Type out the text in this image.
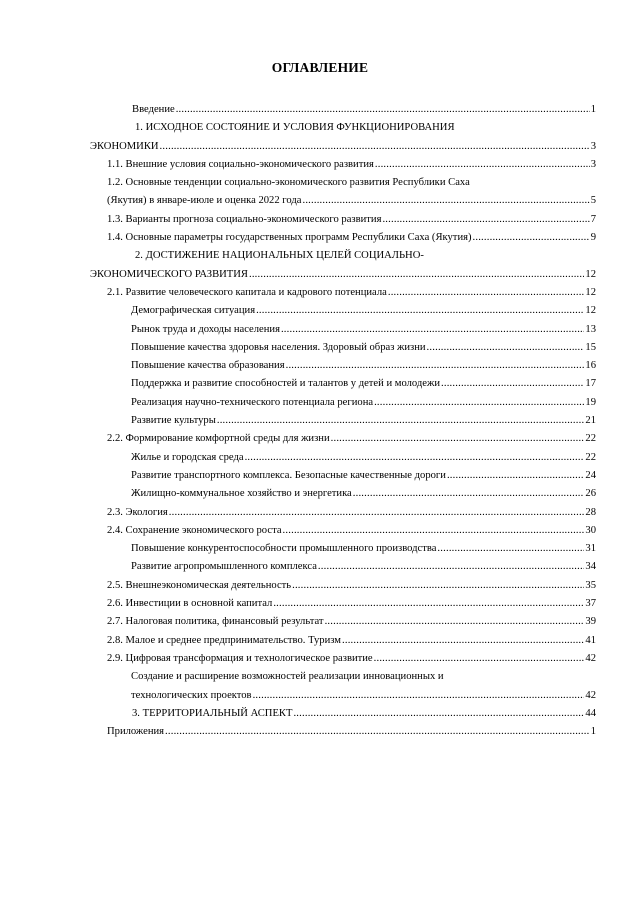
ОГЛАВЛЕНИЕ
Введение .....	1
1. ИСХОДНОЕ СОСТОЯНИЕ И УСЛОВИЯ ФУНКЦИОНИРОВАНИЯ
ЭКОНОМИКИ .....	3
1.1. Внешние условия социально-экономического развития .....	3
1.2. Основные тенденции социально-экономического развития Республики Саха
(Якутия) в январе-июле и оценка 2022 года .....	5
1.3. Варианты прогноза социально-экономического развития .....	7
1.4. Основные параметры государственных программ Республики Саха (Якутия) .....	9
2. ДОСТИЖЕНИЕ НАЦИОНАЛЬНЫХ ЦЕЛЕЙ СОЦИАЛЬНО-
ЭКОНОМИЧЕСКОГО РАЗВИТИЯ .....	12
2.1. Развитие человеческого капитала и кадрового потенциала .....	12
Демографическая ситуация .....	12
Рынок труда и доходы населения .....	13
Повышение качества здоровья населения. Здоровый образ жизни .....	15
Повышение качества образования .....	16
Поддержка и развитие способностей и талантов у детей и молодежи .....	17
Реализация научно-технического потенциала региона .....	19
Развитие культуры .....	21
2.2. Формирование комфортной среды для жизни .....	22
Жилье и городская среда .....	22
Развитие транспортного комплекса. Безопасные качественные дороги .....	24
Жилищно-коммунальное хозяйство и энергетика .....	26
2.3. Экология .....	28
2.4. Сохранение экономического роста .....	30
Повышение конкурентоспособности промышленного производства .....	31
Развитие агропромышленного комплекса .....	34
2.5. Внешнеэкономическая деятельность .....	35
2.6. Инвестиции в основной капитал .....	37
2.7. Налоговая политика, финансовый результат .....	39
2.8. Малое и среднее предпринимательство. Туризм .....	41
2.9. Цифровая трансформация и технологическое развитие .....	42
Создание и расширение возможностей реализации инновационных и
технологических проектов .....	42
3. ТЕРРИТОРИАЛЬНЫЙ АСПЕКТ .....	44
Приложения .....	1
